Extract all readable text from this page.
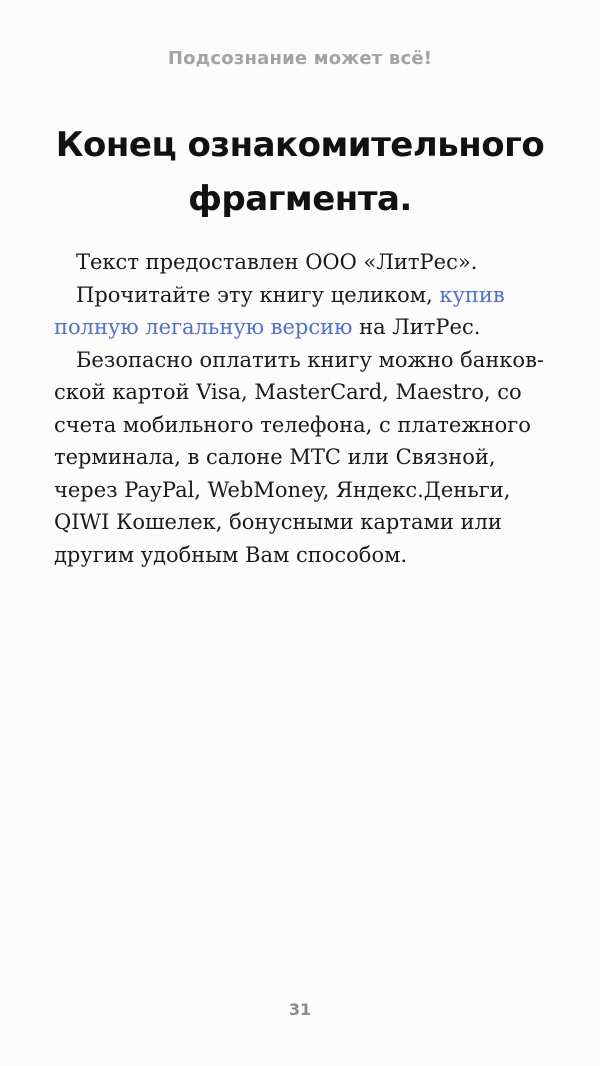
Подсознание может всё!
Конец ознакомительного фрагмента.

Текст предоставлен ООО «ЛитРес».

Прочитайте эту книгу целиком, купив полную легальную версию на ЛитРес.

Безопасно оплатить книгу можно банковской картой Visa, MasterCard, Maestro, со счета мобильного телефона, с платежного терминала, в салоне МТС или Связной, через PayPal, WebMoney, Яндекс.Деньги, QIWI Кошелек, бонусными картами или другим удобным Вам способом.

31
